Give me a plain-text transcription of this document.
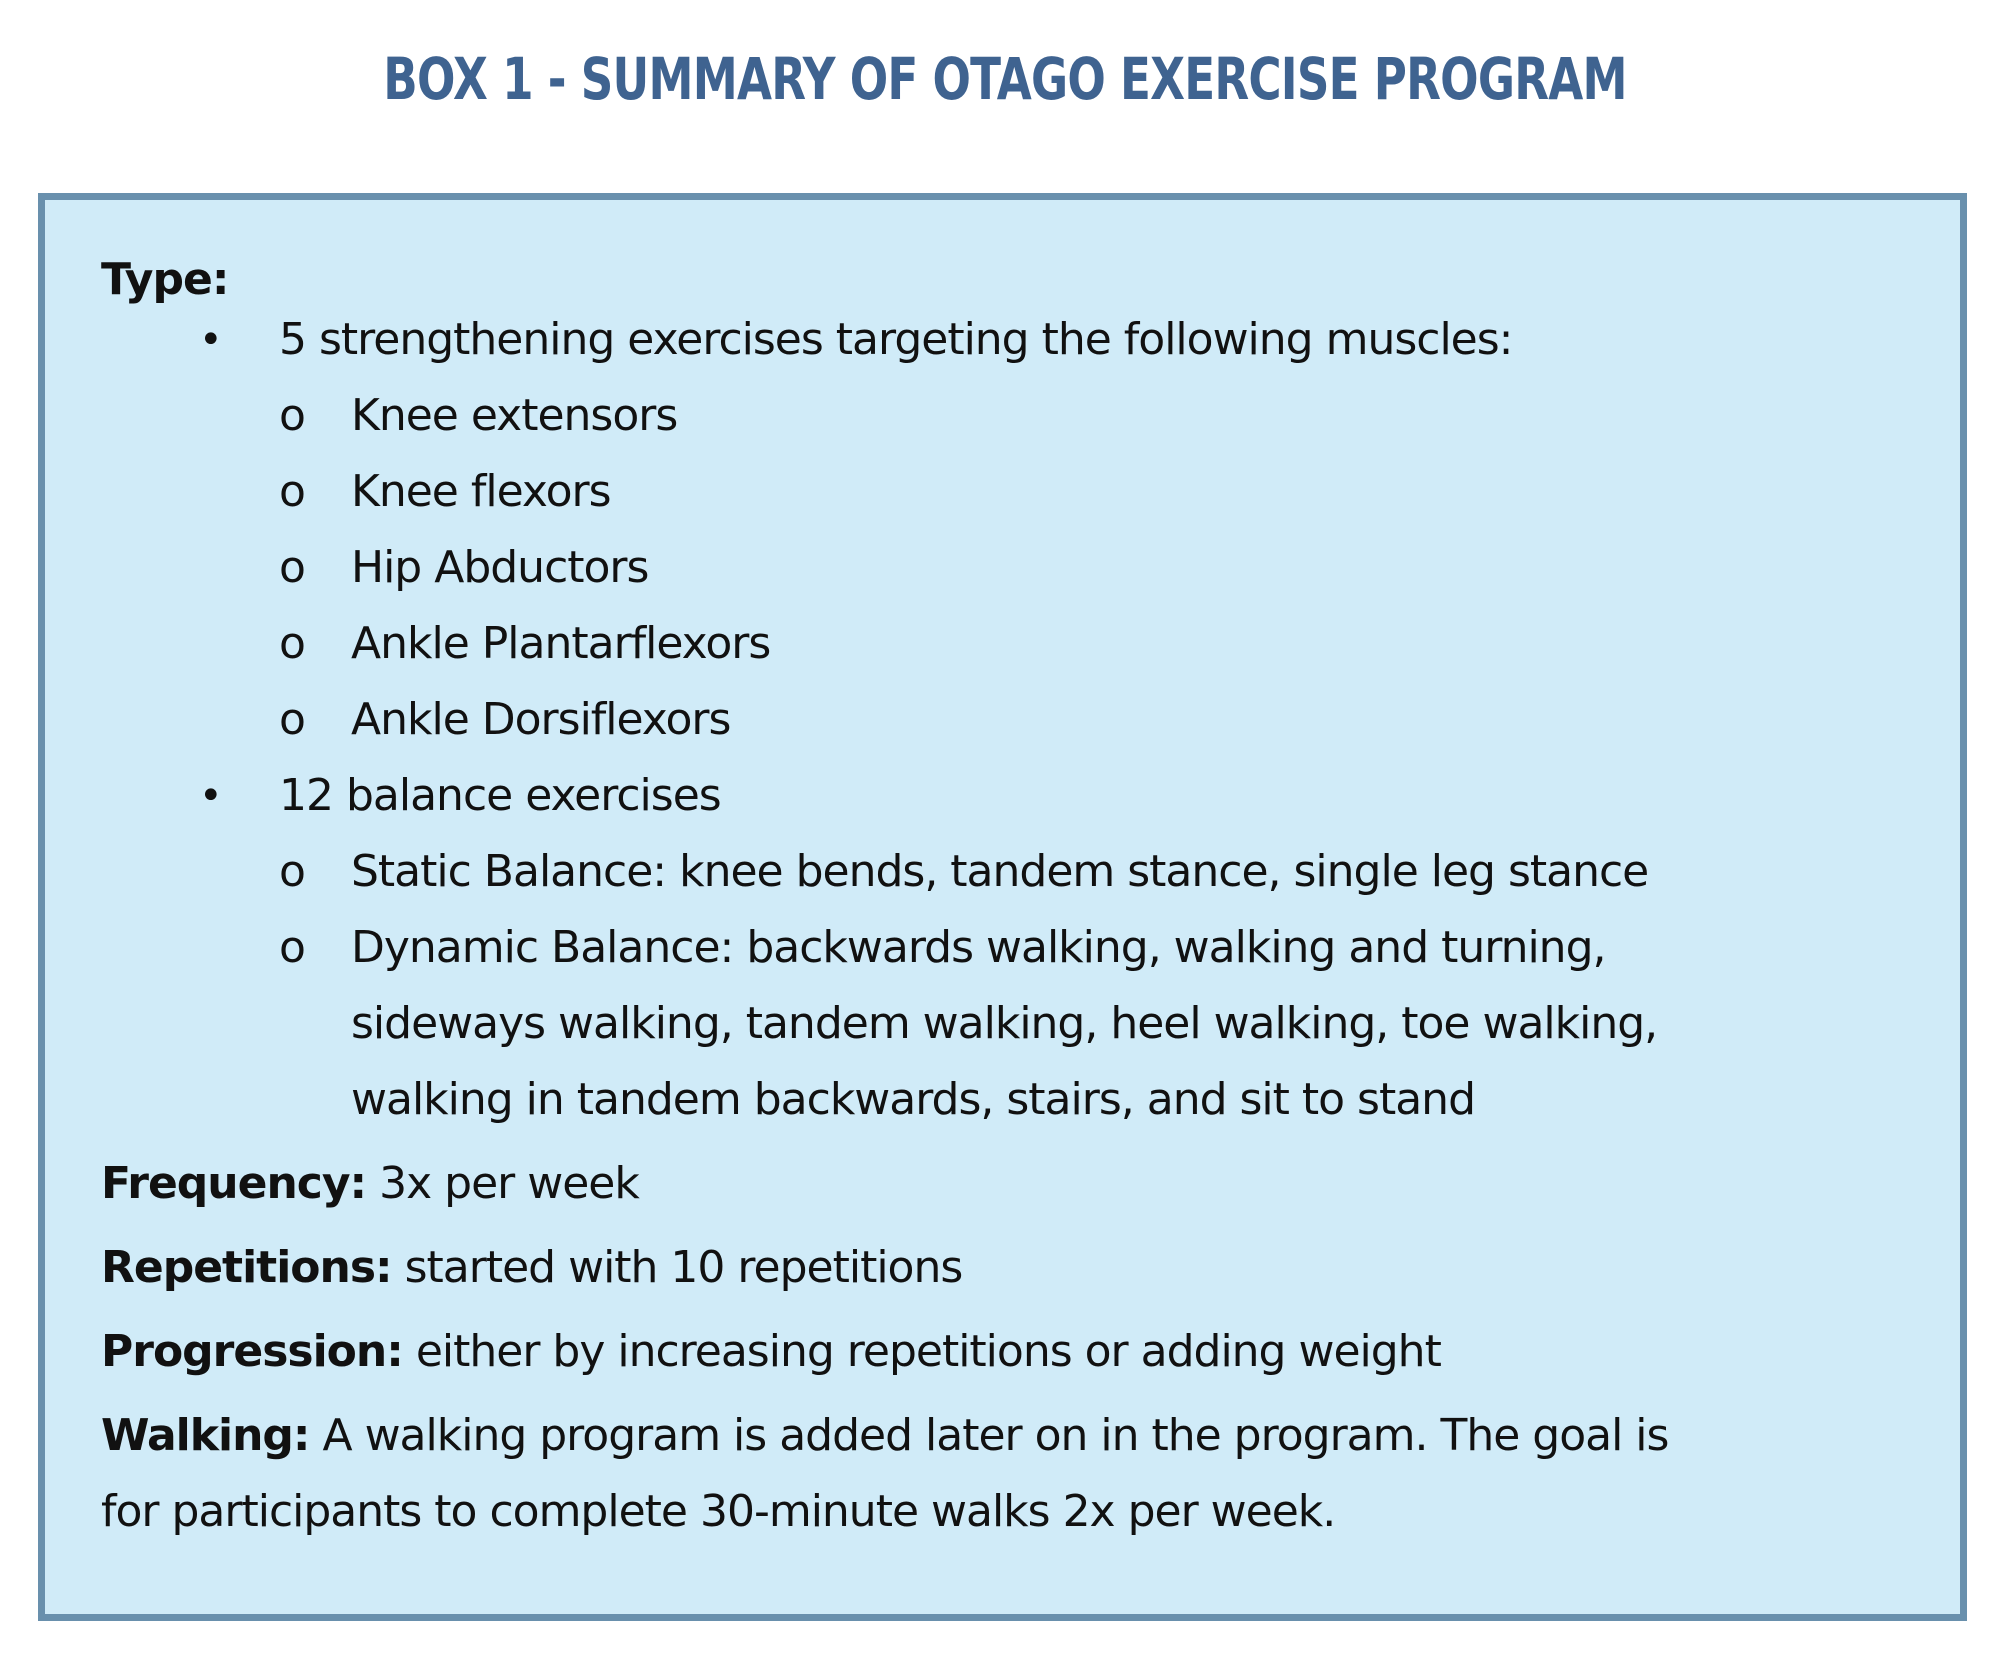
BOX 1 - SUMMARY OF OTAGO EXERCISE PROGRAM
Type:
• 5 strengthening exercises targeting the following muscles:
o Knee extensors
o Knee flexors
o Hip Abductors
o Ankle Plantarflexors
o Ankle Dorsiflexors
• 12 balance exercises
o Static Balance: knee bends, tandem stance, single leg stance
o Dynamic Balance: backwards walking, walking and turning,
sideways walking, tandem walking, heel walking, toe walking,
walking in tandem backwards, stairs, and sit to stand
Frequency: 3x per week
Repetitions: started with 10 repetitions
Progression: either by increasing repetitions or adding weight
Walking: A walking program is added later on in the program. The goal is
for participants to complete 30-minute walks 2x per week.
